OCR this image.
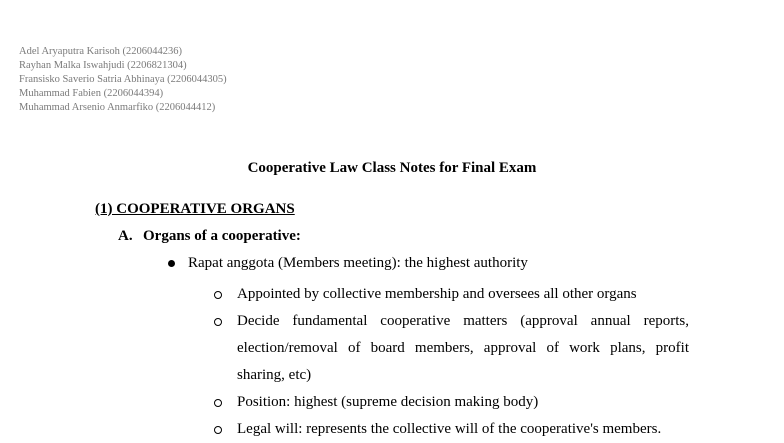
Adel Aryaputra Karisoh (2206044236)
Rayhan Malka Iswahjudi (2206821304)
Fransisko Saverio Satria Abhinaya (2206044305)
Muhammad Fabien (2206044394)
Muhammad Arsenio Anmarfiko (2206044412)
Cooperative Law Class Notes for Final Exam
(1) COOPERATIVE ORGANS
A. Organs of a cooperative:
Rapat anggota (Members meeting): the highest authority
Appointed by collective membership and oversees all other organs
Decide fundamental cooperative matters (approval annual reports, election/removal of board members, approval of work plans, profit sharing, etc)
Position: highest (supreme decision making body)
Legal will: represents the collective will of the cooperative's members.
